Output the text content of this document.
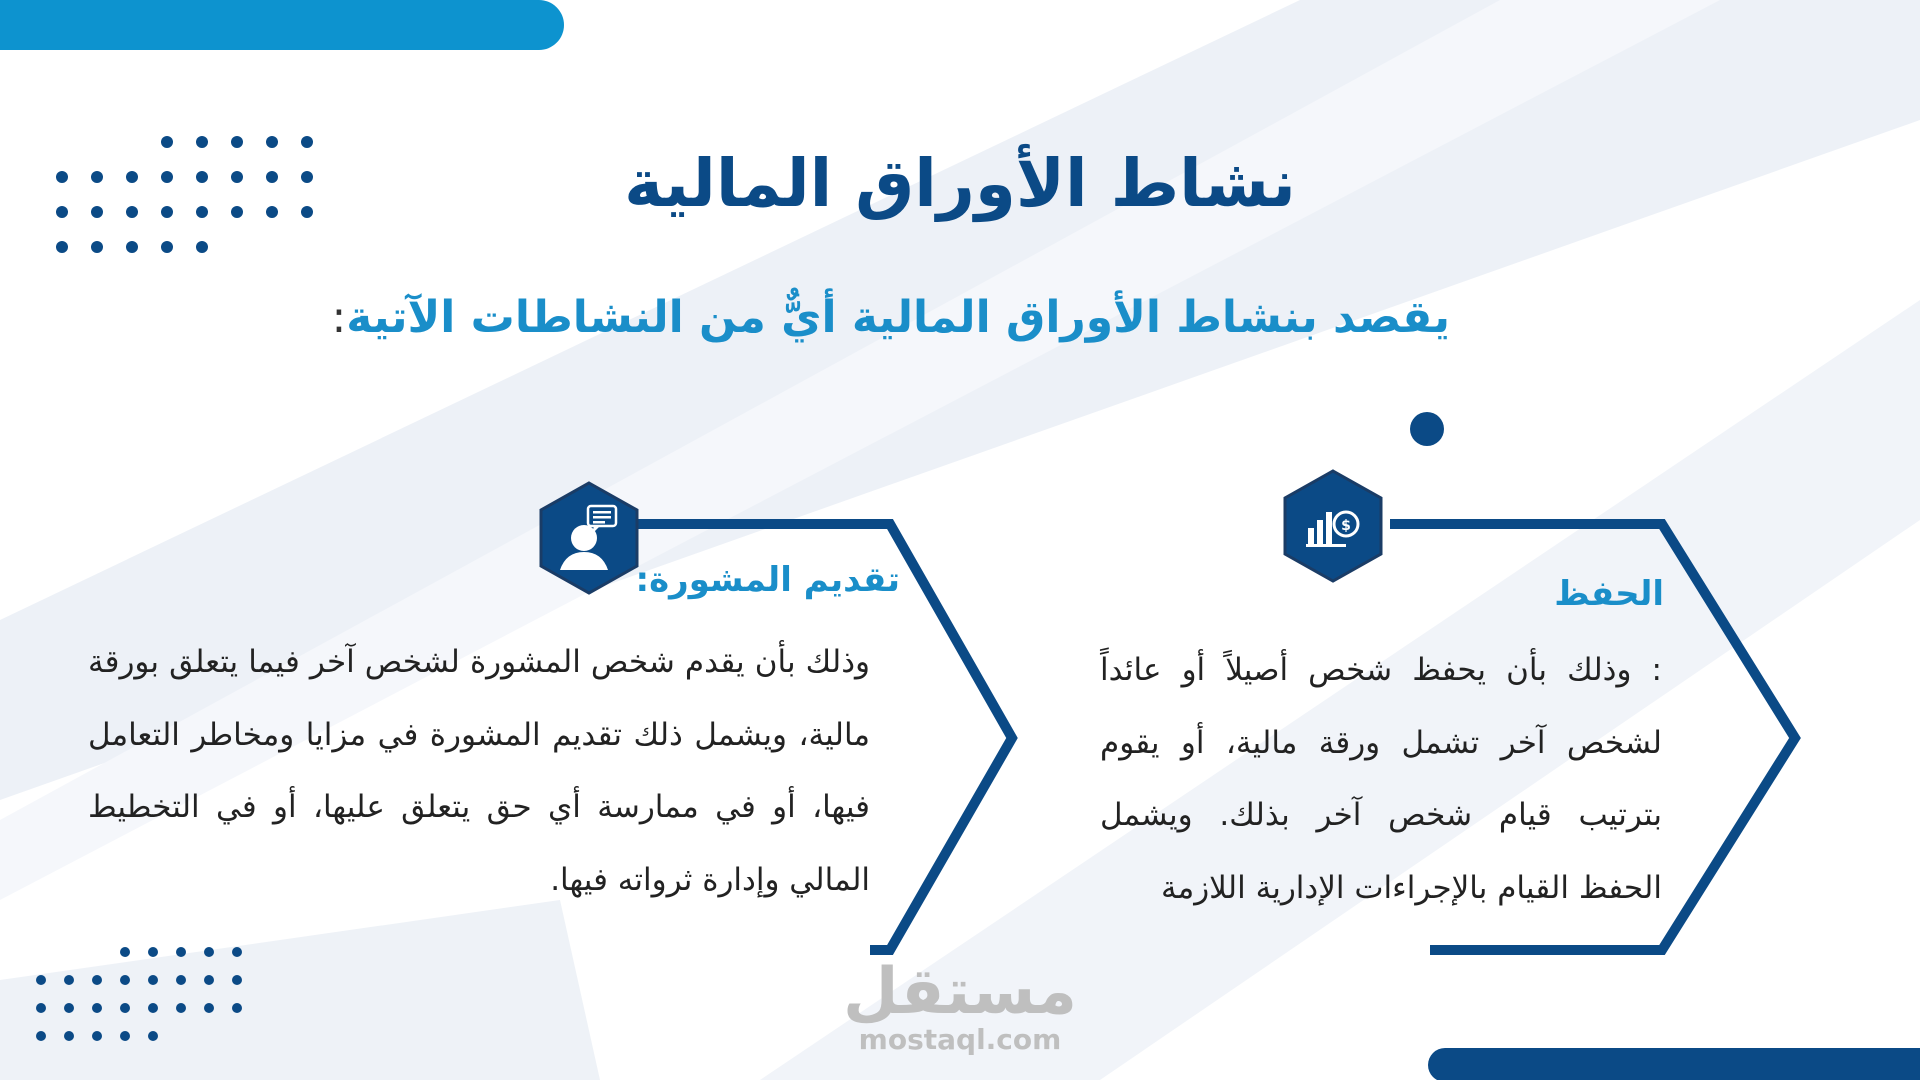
نشاط الأوراق المالية
يقصد بنشاط الأوراق المالية أيٌّ من النشاطات الآتية:
$
الحفظ
: وذلك بأن يحفظ شخص أصيلاً أو عائداً لشخص آخر تشمل ورقة مالية، أو يقوم بترتيب قيام شخص آخر بذلك. ويشمل الحفظ القيام بالإجراءات الإدارية اللازمة
تقديم المشورة:
وذلك بأن يقدم شخص المشورة لشخص آخر فيما يتعلق بورقة مالية، ويشمل ذلك تقديم المشورة في مزايا ومخاطر التعامل فيها، أو في ممارسة أي حق يتعلق عليها، أو في التخطيط المالي وإدارة ثرواته فيها.
مستقل
mostaql.com
